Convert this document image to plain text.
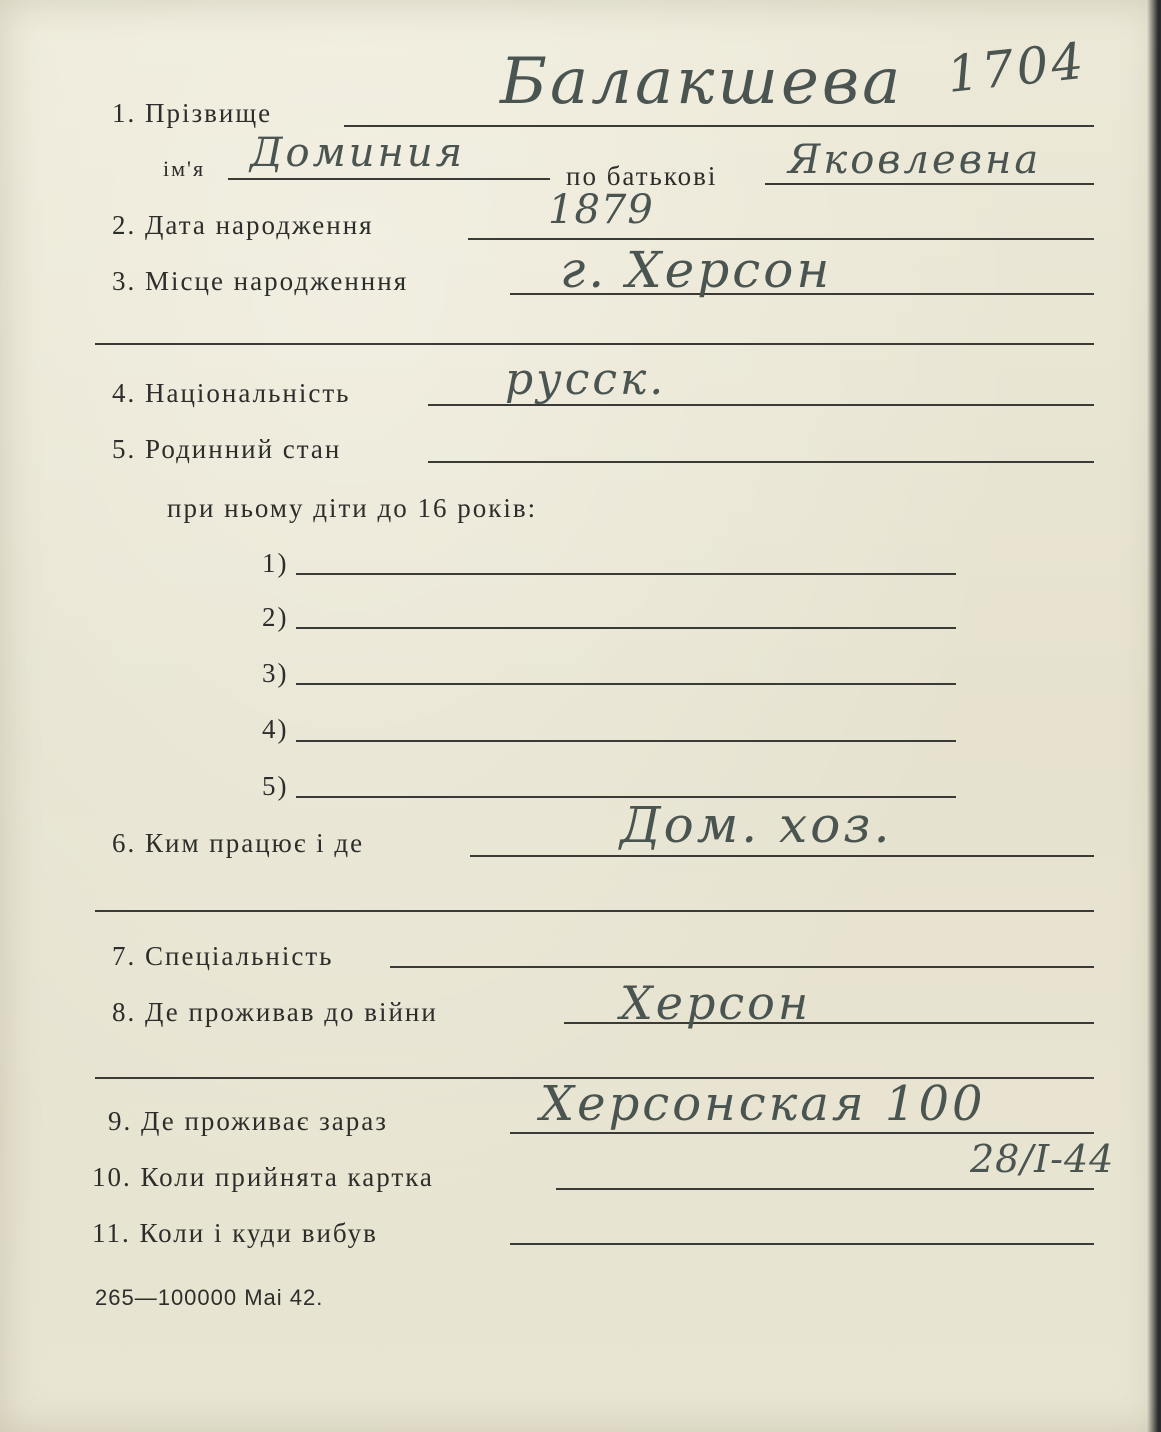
1704
1. Прізвище	Балакшева
ім'я Доминия	по батькові Яковлевна
2. Дата народження	1879
3. Місце народженння	г. Херсон
4. Національність	русск.
5. Родинний стан
при ньому діти до 16 років:
1)
2)
3)
4)
5)
6. Ким працює і де	Дом. хоз.
7. Спеціальність
8. Де проживав до війни	Херсон
9. Де проживає зараз	Херсонская 100
10. Коли прийнята картка	28/I-44
11. Коли і куди вибув
265—100000 Mai 42.
